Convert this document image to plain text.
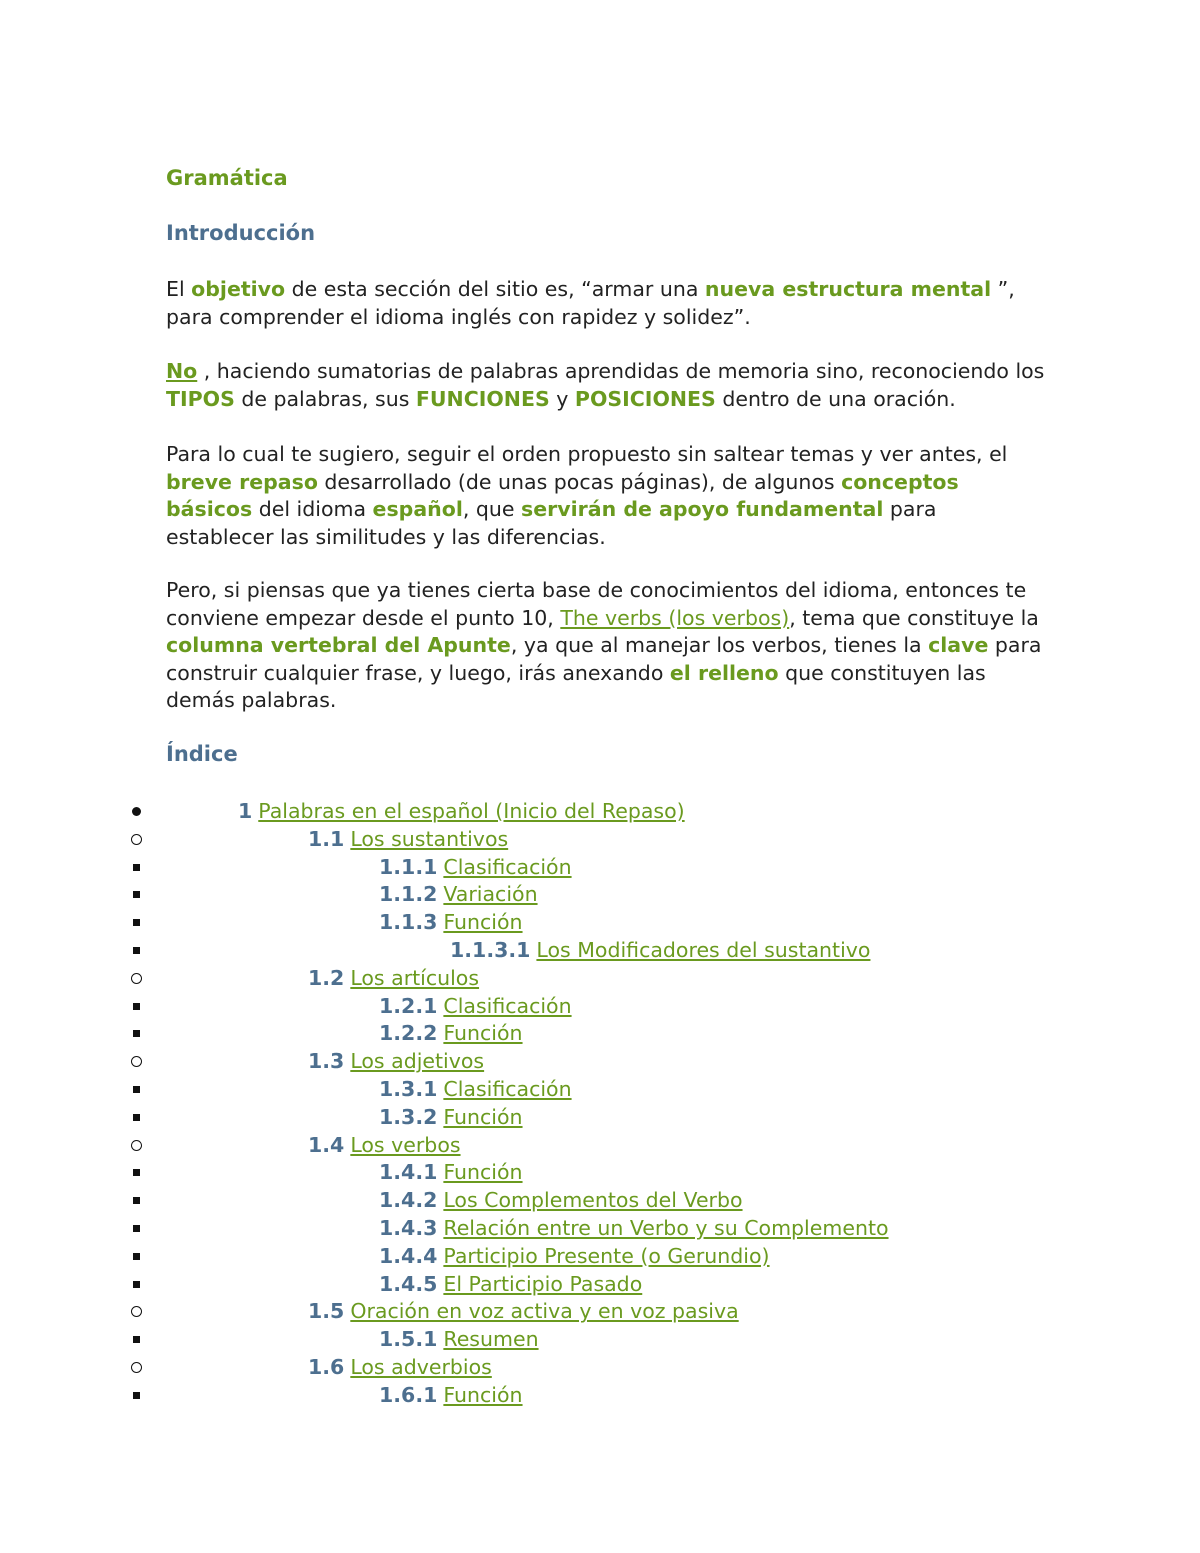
Gramática
Introducción

El objetivo de esta sección del sitio es, “armar una nueva estructura mental ”, para comprender el idioma inglés con rapidez y solidez”.

No , haciendo sumatorias de palabras aprendidas de memoria sino, reconociendo los TIPOS de palabras, sus FUNCIONES y POSICIONES dentro de una oración.

Para lo cual te sugiero, seguir el orden propuesto sin saltear temas y ver antes, el breve repaso desarrollado (de unas pocas páginas), de algunos conceptos básicos del idioma español, que servirán de apoyo fundamental para establecer las similitudes y las diferencias.

Pero, si piensas que ya tienes cierta base de conocimientos del idioma, entonces te conviene empezar desde el punto 10, The verbs (los verbos), tema que constituye la columna vertebral del Apunte, ya que al manejar los verbos, tienes la clave para construir cualquier frase, y luego, irás anexando el relleno que constituyen las demás palabras.

Índice
1 Palabras en el español (Inicio del Repaso)
1.1 Los sustantivos
1.1.1 Clasificación
1.1.2 Variación
1.1.3 Función
1.1.3.1 Los Modificadores del sustantivo
1.2 Los artículos
1.2.1 Clasificación
1.2.2 Función
1.3 Los adjetivos
1.3.1 Clasificación
1.3.2 Función
1.4 Los verbos
1.4.1 Función
1.4.2 Los Complementos del Verbo
1.4.3 Relación entre un Verbo y su Complemento
1.4.4 Participio Presente (o Gerundio)
1.4.5 El Participio Pasado
1.5 Oración en voz activa y en voz pasiva
1.5.1 Resumen
1.6 Los adverbios
1.6.1 Función
